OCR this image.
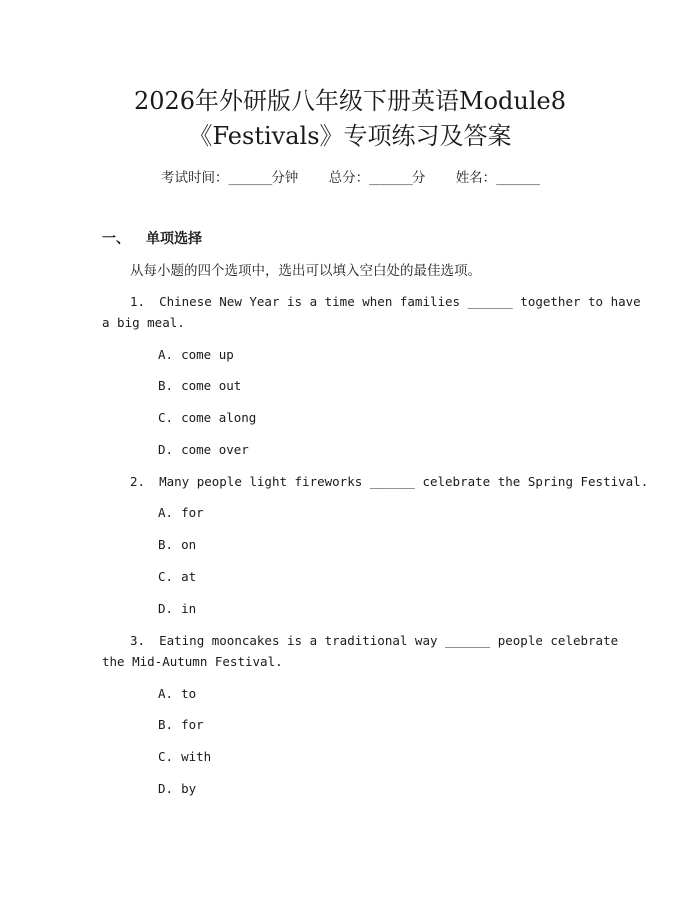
2026年外研版八年级下册英语Module8
《Festivals》专项练习及答案
考试时间：______分钟 总分：______分 姓名：______
一、 单项选择
从每小题的四个选项中，选出可以填入空白处的最佳选项。
1. Chinese New Year is a time when families ______ together to have
a big meal.
A. come up
B. come out
C. come along
D. come over
2. Many people light fireworks ______ celebrate the Spring Festival.
A. for
B. on
C. at
D. in
3. Eating mooncakes is a traditional way ______ people celebrate
the Mid-Autumn Festival.
A. to
B. for
C. with
D. by
